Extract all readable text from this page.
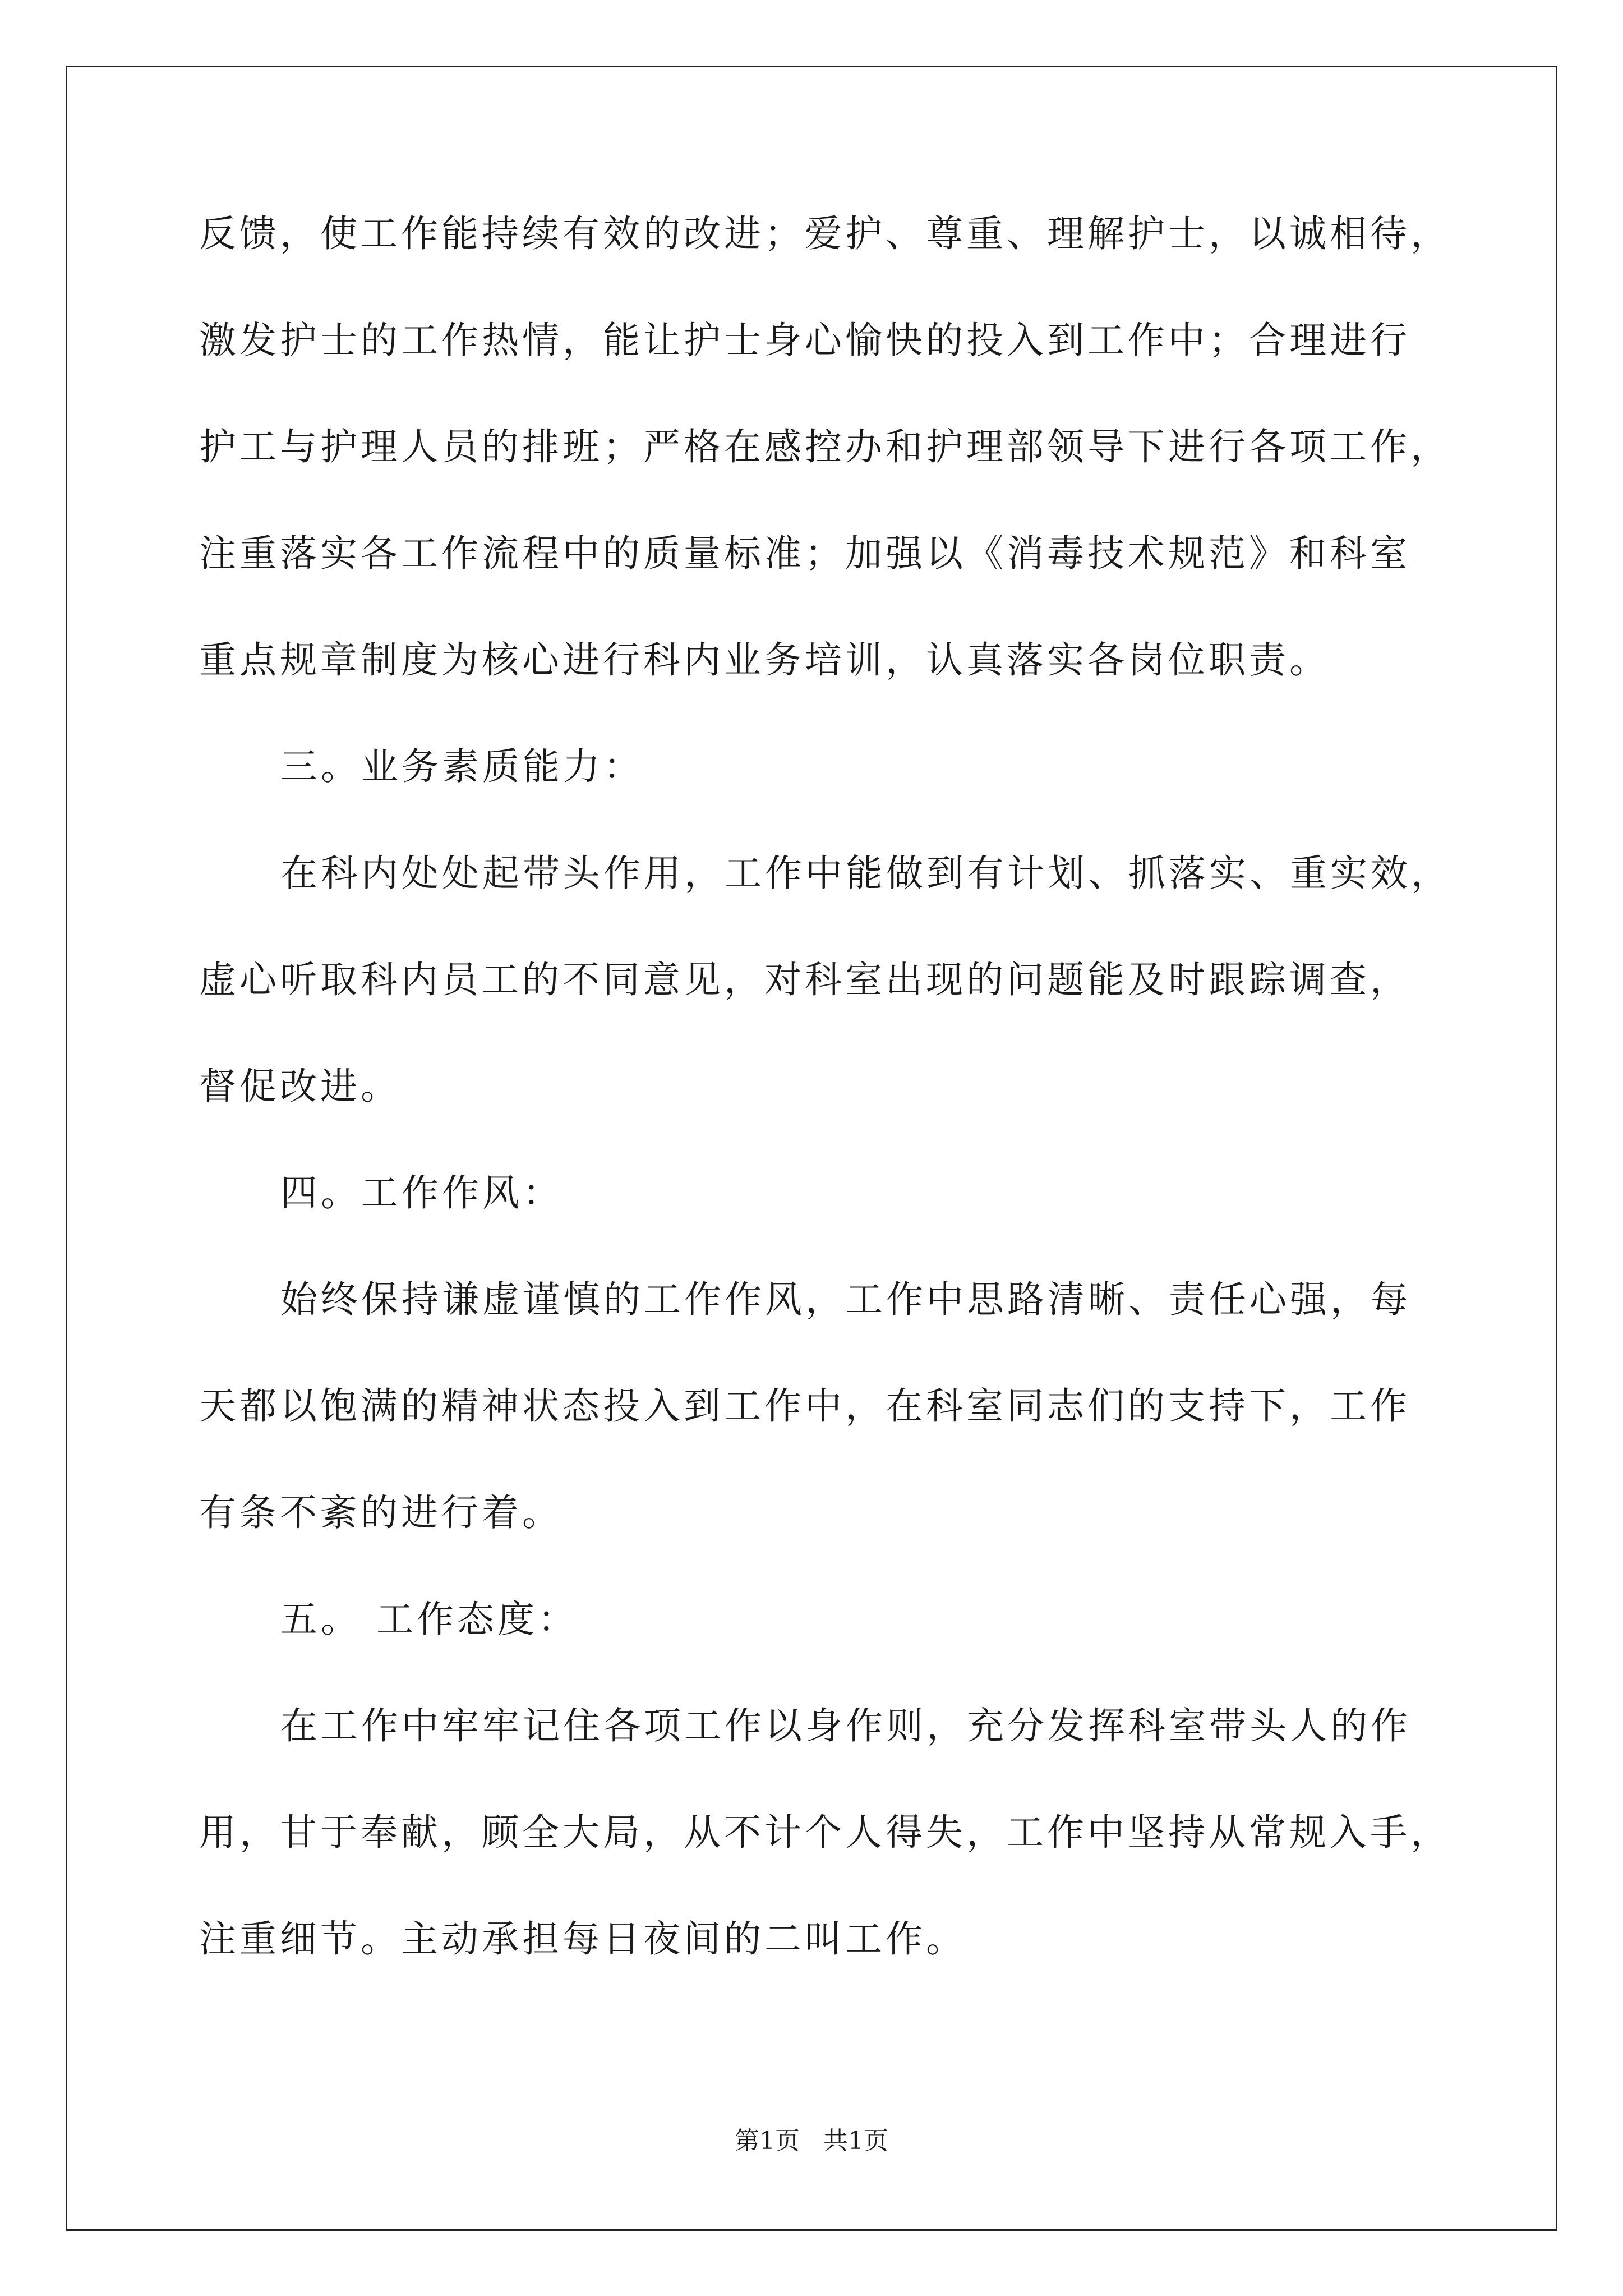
反馈，使工作能持续有效的改进；爱护、尊重、理解护士，以诚相待，
激发护士的工作热情，能让护士身心愉快的投入到工作中；合理进行
护工与护理人员的排班；严格在感控办和护理部领导下进行各项工作，
注重落实各工作流程中的质量标准；加强以《消毒技术规范》和科室
重点规章制度为核心进行科内业务培训，认真落实各岗位职责。
三。业务素质能力：
在科内处处起带头作用，工作中能做到有计划、抓落实、重实效，
虚心听取科内员工的不同意见，对科室出现的问题能及时跟踪调查，
督促改进。
四。工作作风：
始终保持谦虚谨慎的工作作风，工作中思路清晰、责任心强，每
天都以饱满的精神状态投入到工作中，在科室同志们的支持下，工作
有条不紊的进行着。
五。 工作态度：
在工作中牢牢记住各项工作以身作则，充分发挥科室带头人的作
用，甘于奉献，顾全大局，从不计个人得失，工作中坚持从常规入手，
注重细节。主动承担每日夜间的二叫工作。
第1页   共1页
